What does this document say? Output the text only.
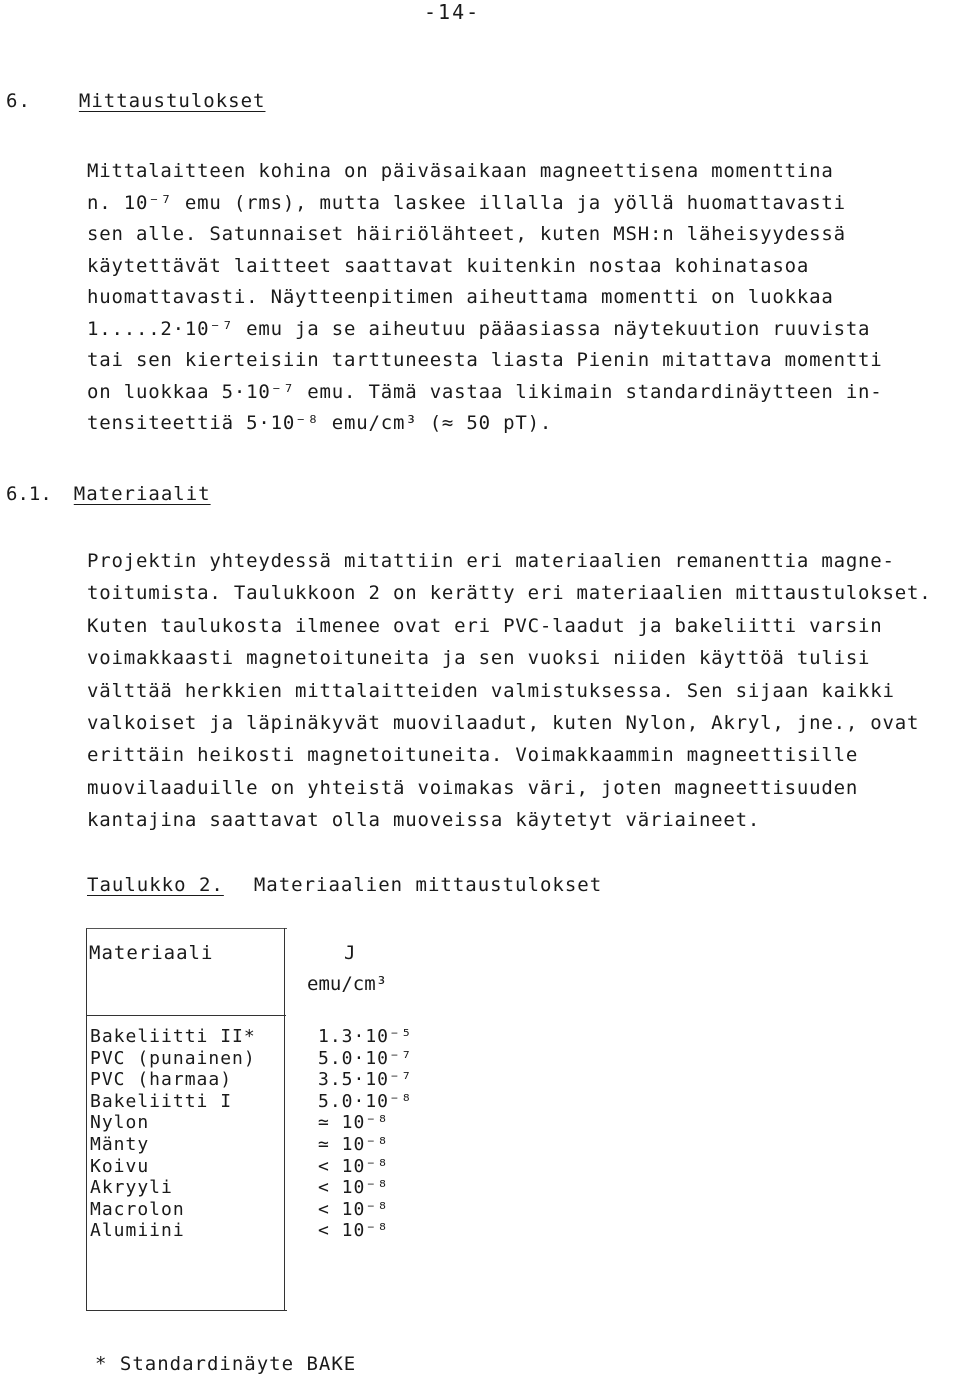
-14-
6.	Mittaustulokset
Mittalaitteen kohina on päiväsaikaan magneettisena momenttina
n. 10⁻⁷ emu (rms), mutta laskee illalla ja yöllä huomattavasti
sen alle. Satunnaiset häiriölähteet, kuten MSH:n läheisyydessä
käytettävät laitteet saattavat kuitenkin nostaa kohinatasoa
huomattavasti. Näytteenpitimen aiheuttama momentti on luokkaa
1.....2·10⁻⁷ emu ja se aiheutuu pääasiassa näytekuution ruuvista
tai sen kierteisiin tarttuneesta liasta Pienin mitattava momentti
on luokkaa 5·10⁻⁷ emu. Tämä vastaa likimain standardinäytteen in-
tensiteettiä 5·10⁻⁸ emu/cm³ (≈ 50 pT).
6.1. Materiaalit
Projektin yhteydessä mitattiin eri materiaalien remanenttia magne-
toitumista. Taulukkoon 2 on kerätty eri materiaalien mittaustulokset.
Kuten taulukosta ilmenee ovat eri PVC-laadut ja bakeliitti varsin
voimakkaasti magnetoituneita ja sen vuoksi niiden käyttöä tulisi
välttää herkkien mittalaitteiden valmistuksessa. Sen sijaan kaikki
valkoiset ja läpinäkyvät muovilaadut, kuten Nylon, Akryl, jne., ovat
erittäin heikosti magnetoituneita. Voimakkaammin magneettisille
muovilaaduille on yhteistä voimakas väri, joten magneettisuuden
kantajina saattavat olla muoveissa käytetyt väriaineet.
Taulukko 2. Materiaalien mittaustulokset
Materiaali	J
emu/cm³
Bakeliitti II*	1.3·10⁻⁵
PVC (punainen)	5.0·10⁻⁷
PVC (harmaa)	3.5·10⁻⁷
Bakeliitti I	5.0·10⁻⁸
Nylon	≃ 10⁻⁸
Mänty	≃ 10⁻⁸
Koivu	< 10⁻⁸
Akryyli	< 10⁻⁸
Macrolon	< 10⁻⁸
Alumiini	< 10⁻⁸
* Standardinäyte BAKE
